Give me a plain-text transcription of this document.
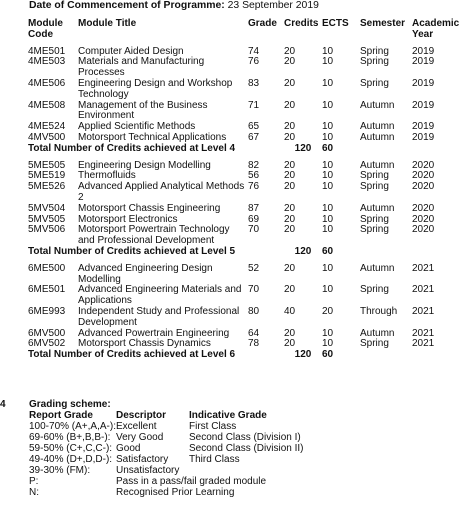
Date of Commencement of Programme: 23 September 2019
Module Code	Module Title	Grade	Credits	ECTS	Semester	Academic Year

4ME501	Computer Aided Design	74	20	10	Spring	2019
4ME503	Materials and Manufacturing Processes	76	20	10	Spring	2019
4ME506	Engineering Design and Workshop Technology	83	20	10	Spring	2019
4ME508	Management of the Business Environment	71	20	10	Autumn	2019
4ME524	Applied Scientific Methods	65	20	10	Autumn	2019
4MV500	Motorsport Technical Applications	67	20	10	Autumn	2019
Total Number of Credits achieved at Level 4			120	60		

5ME505	Engineering Design Modelling	82	20	10	Autumn	2020
5ME519	Thermofluids	56	20	10	Spring	2020
5ME526	Advanced Applied Analytical Methods 2	76	20	10	Spring	2020
5MV504	Motorsport Chassis Engineering	87	20	10	Autumn	2020
5MV505	Motorsport Electronics	69	20	10	Spring	2020
5MV506	Motorsport Powertrain Technology and Professional Development	70	20	10	Spring	2020
Total Number of Credits achieved at Level 5			120	60		

6ME500	Advanced Engineering Design Modelling	52	20	10	Autumn	2021
6ME501	Advanced Engineering Materials and Applications	70	20	10	Spring	2021
6ME993	Independent Study and Professional Development	80	40	20	Through	2021
6MV500	Advanced Powertrain Engineering	64	20	10	Autumn	2021
6MV502	Motorsport Chassis Dynamics	78	20	10	Spring	2021
Total Number of Credits achieved at Level 6			120	60		
4 Grading scheme:
Report Grade	Descriptor	Indicative Grade
100-70% (A+,A,A-):	Excellent	First Class
69-60% (B+,B,B-):	Very Good	Second Class (Division I)
59-50% (C+,C,C-):	Good	Second Class (Division II)
49-40% (D+,D,D-):	Satisfactory	Third Class
39-30% (FM):	Unsatisfactory	
P:	Pass in a pass/fail graded module	
N:	Recognised Prior Learning	
